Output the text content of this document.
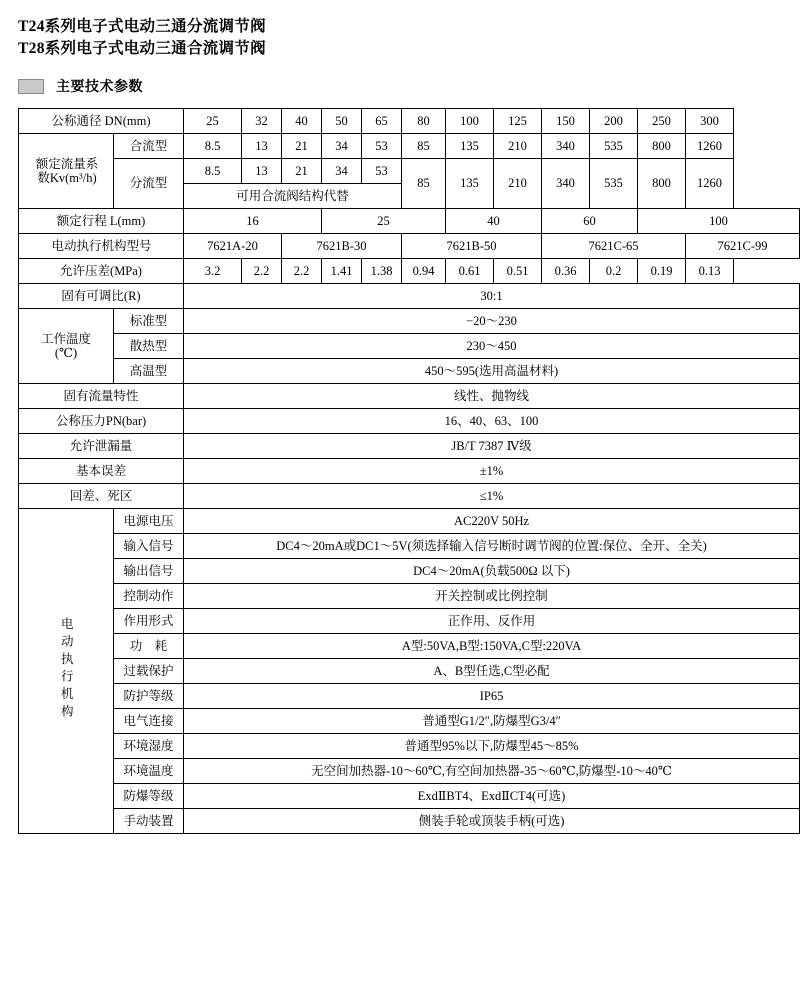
T24系列电子式电动三通分流调节阀
T28系列电子式电动三通合流调节阀
主要技术参数
公称通径 DN(mm)		25	32	40	50	65	80	100	125	150	200	250	300

额定流量系
数Kv(m³/h)	合流型	8.5	13	21	34	53	85	135	210	340	535	800	1260
	分流型	8.5	13	21	34	53	85	135	210	340	535	800	1260
		可用合流阀结构代替											
额定行程 L(mm)		16			25			40		60		100	
电动执行机构型号		7621A-20		7621B-30			7621B-50			7621C-65			7621C-99
允许压差(MPa)		3.2	2.2	2.2	1.41	1.38	0.94	0.61	0.51	0.36	0.2	0.19	0.13
固有可调比(R)		30:1											

工作温度
(℃)	标准型	−20～230											
	散热型	230～450											
	高温型	450～595(选用高温材料)											
固有流量特性		线性、抛物线											
公称压力PN(bar)		16、40、63、100											
允许泄漏量		JB/T 7387 Ⅳ级											
基本误差		±1%											
回差、死区		≤1%											
电动执行机构	电源电压	AC220V 50Hz											
	输入信号	DC4～20mA或DC1～5V(须选择输入信号断时调节阀的位置:保位、全开、全关)											
	输出信号	DC4～20mA(负载500Ω 以下)											
	控制动作	开关控制或比例控制											
	作用形式	正作用、反作用											
	功　耗	A型:50VA,B型:150VA,C型:220VA											
	过载保护	A、B型任选,C型必配											
	防护等级	IP65											
	电气连接	普通型G1/2″,防爆型G3/4″											
	环境湿度	普通型95%以下,防爆型45～85%											
	环境温度	无空间加热器-10～60℃,有空间加热器-35～60℃,防爆型-10～40℃											
	防爆等级	ExdⅡBT4、ExdⅡCT4(可选)											
	手动装置	侧装手轮或顶装手柄(可选)											
